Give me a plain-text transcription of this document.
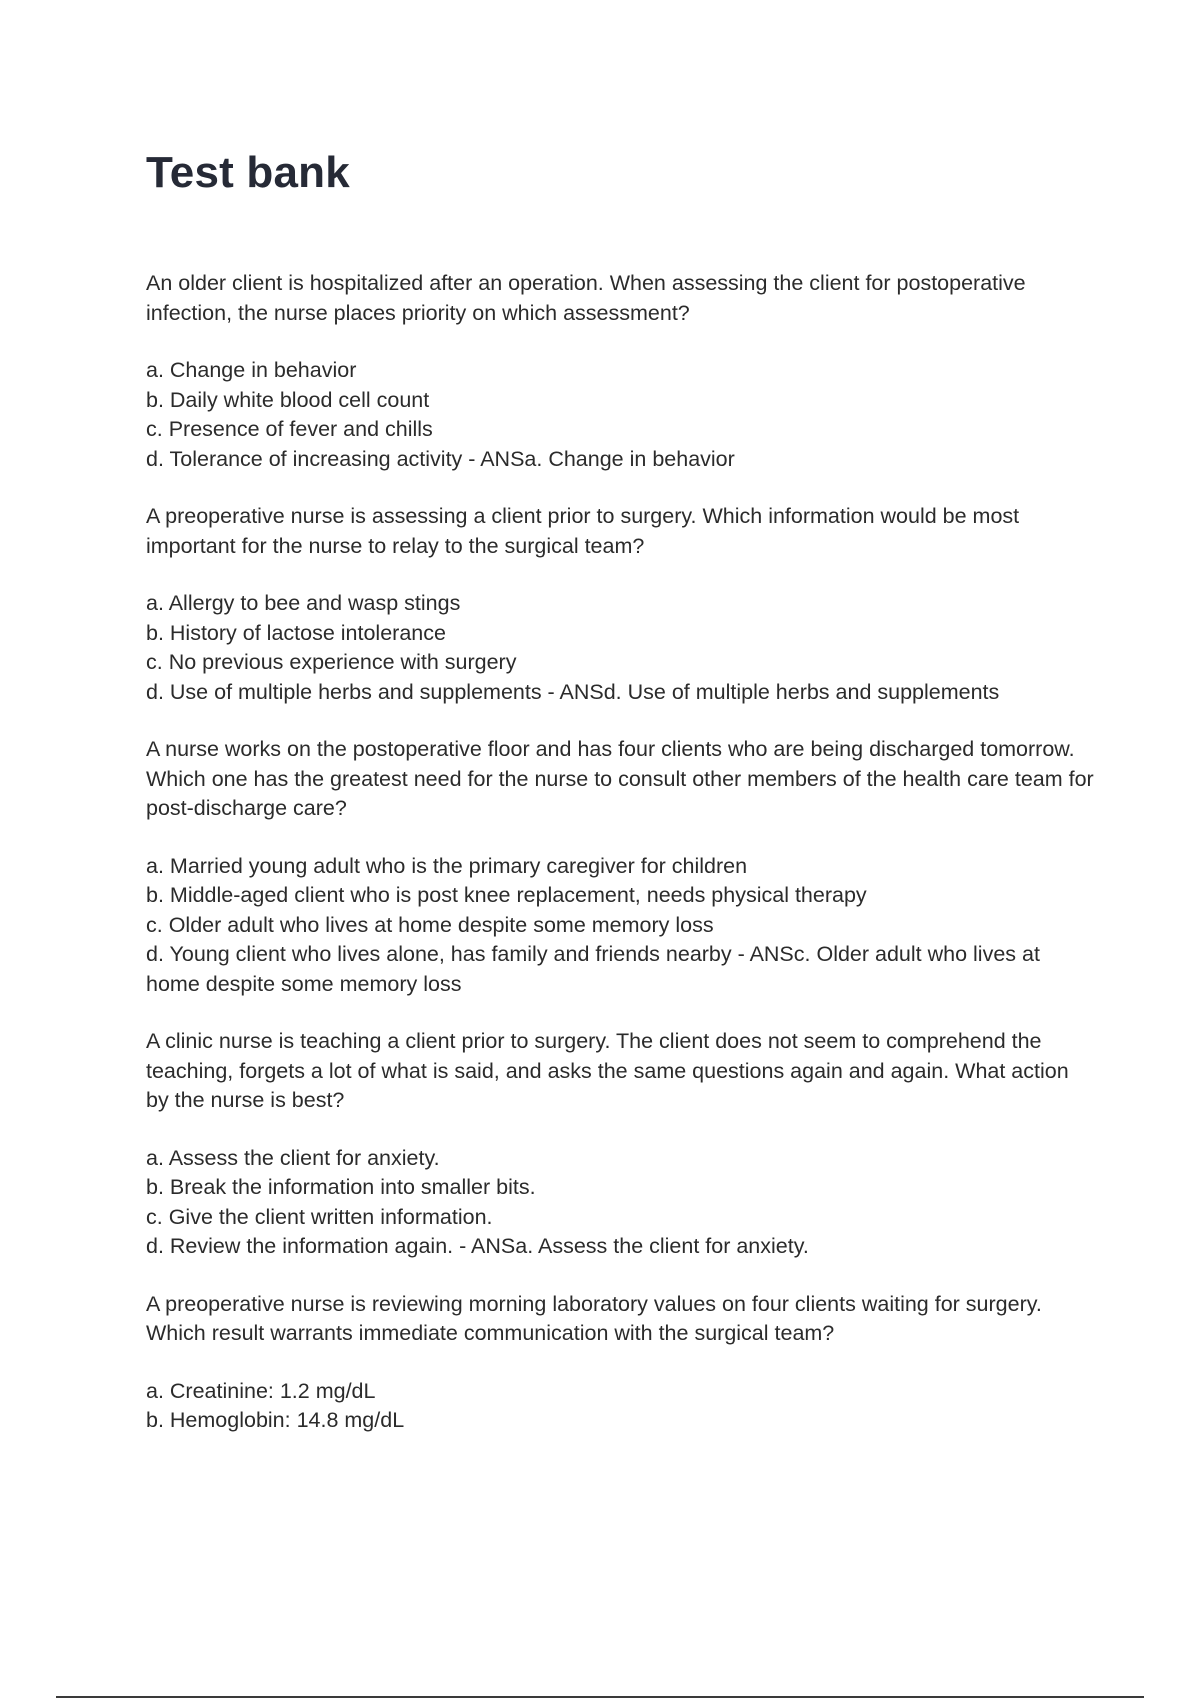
Test bank

An older client is hospitalized after an operation. When assessing the client for postoperative infection, the nurse places priority on which assessment?

a. Change in behavior
b. Daily white blood cell count
c. Presence of fever and chills
d. Tolerance of increasing activity - ANSa. Change in behavior

A preoperative nurse is assessing a client prior to surgery. Which information would be most important for the nurse to relay to the surgical team?

a. Allergy to bee and wasp stings
b. History of lactose intolerance
c. No previous experience with surgery
d. Use of multiple herbs and supplements - ANSd. Use of multiple herbs and supplements

A nurse works on the postoperative floor and has four clients who are being discharged tomorrow. Which one has the greatest need for the nurse to consult other members of the health care team for post-discharge care?

a. Married young adult who is the primary caregiver for children
b. Middle-aged client who is post knee replacement, needs physical therapy
c. Older adult who lives at home despite some memory loss
d. Young client who lives alone, has family and friends nearby - ANSc. Older adult who lives at home despite some memory loss

A clinic nurse is teaching a client prior to surgery. The client does not seem to comprehend the teaching, forgets a lot of what is said, and asks the same questions again and again. What action by the nurse is best?

a. Assess the client for anxiety.
b. Break the information into smaller bits.
c. Give the client written information.
d. Review the information again. - ANSa. Assess the client for anxiety.

A preoperative nurse is reviewing morning laboratory values on four clients waiting for surgery. Which result warrants immediate communication with the surgical team?

a. Creatinine: 1.2 mg/dL
b. Hemoglobin: 14.8 mg/dL
